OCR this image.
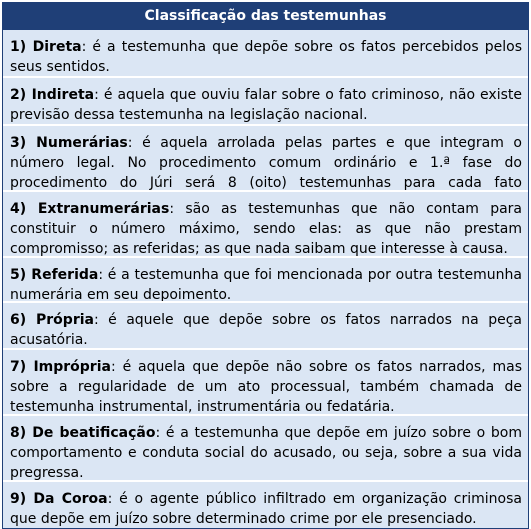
Classificação das testemunhas
1) Direta: é a testemunha que depõe sobre os fatos percebidos pelos seus sentidos.
2) Indireta: é aquela que ouviu falar sobre o fato criminoso, não existe previsão dessa testemunha na legislação nacional.
3) Numerárias: é aquela arrolada pelas partes e que integram o número legal. No procedimento comum ordinário e 1.ª fase do procedimento do Júri será 8 (oito) testemunhas para cada fato
4) Extranumerárias: são as testemunhas que não contam para constituir o número máximo, sendo elas: as que não prestam compromisso; as referidas; as que nada saibam que interesse à causa.
5) Referida: é a testemunha que foi mencionada por outra testemunha numerária em seu depoimento.
6) Própria: é aquele que depõe sobre os fatos narrados na peça acusatória.
7) Imprópria: é aquela que depõe não sobre os fatos narrados, mas sobre a regularidade de um ato processual, também chamada de testemunha instrumental, instrumentária ou fedatária.
8) De beatificação: é a testemunha que depõe em juízo sobre o bom comportamento e conduta social do acusado, ou seja, sobre a sua vida pregressa.
9) Da Coroa: é o agente público infiltrado em organização criminosa que depõe em juízo sobre determinado crime por ele presenciado.
